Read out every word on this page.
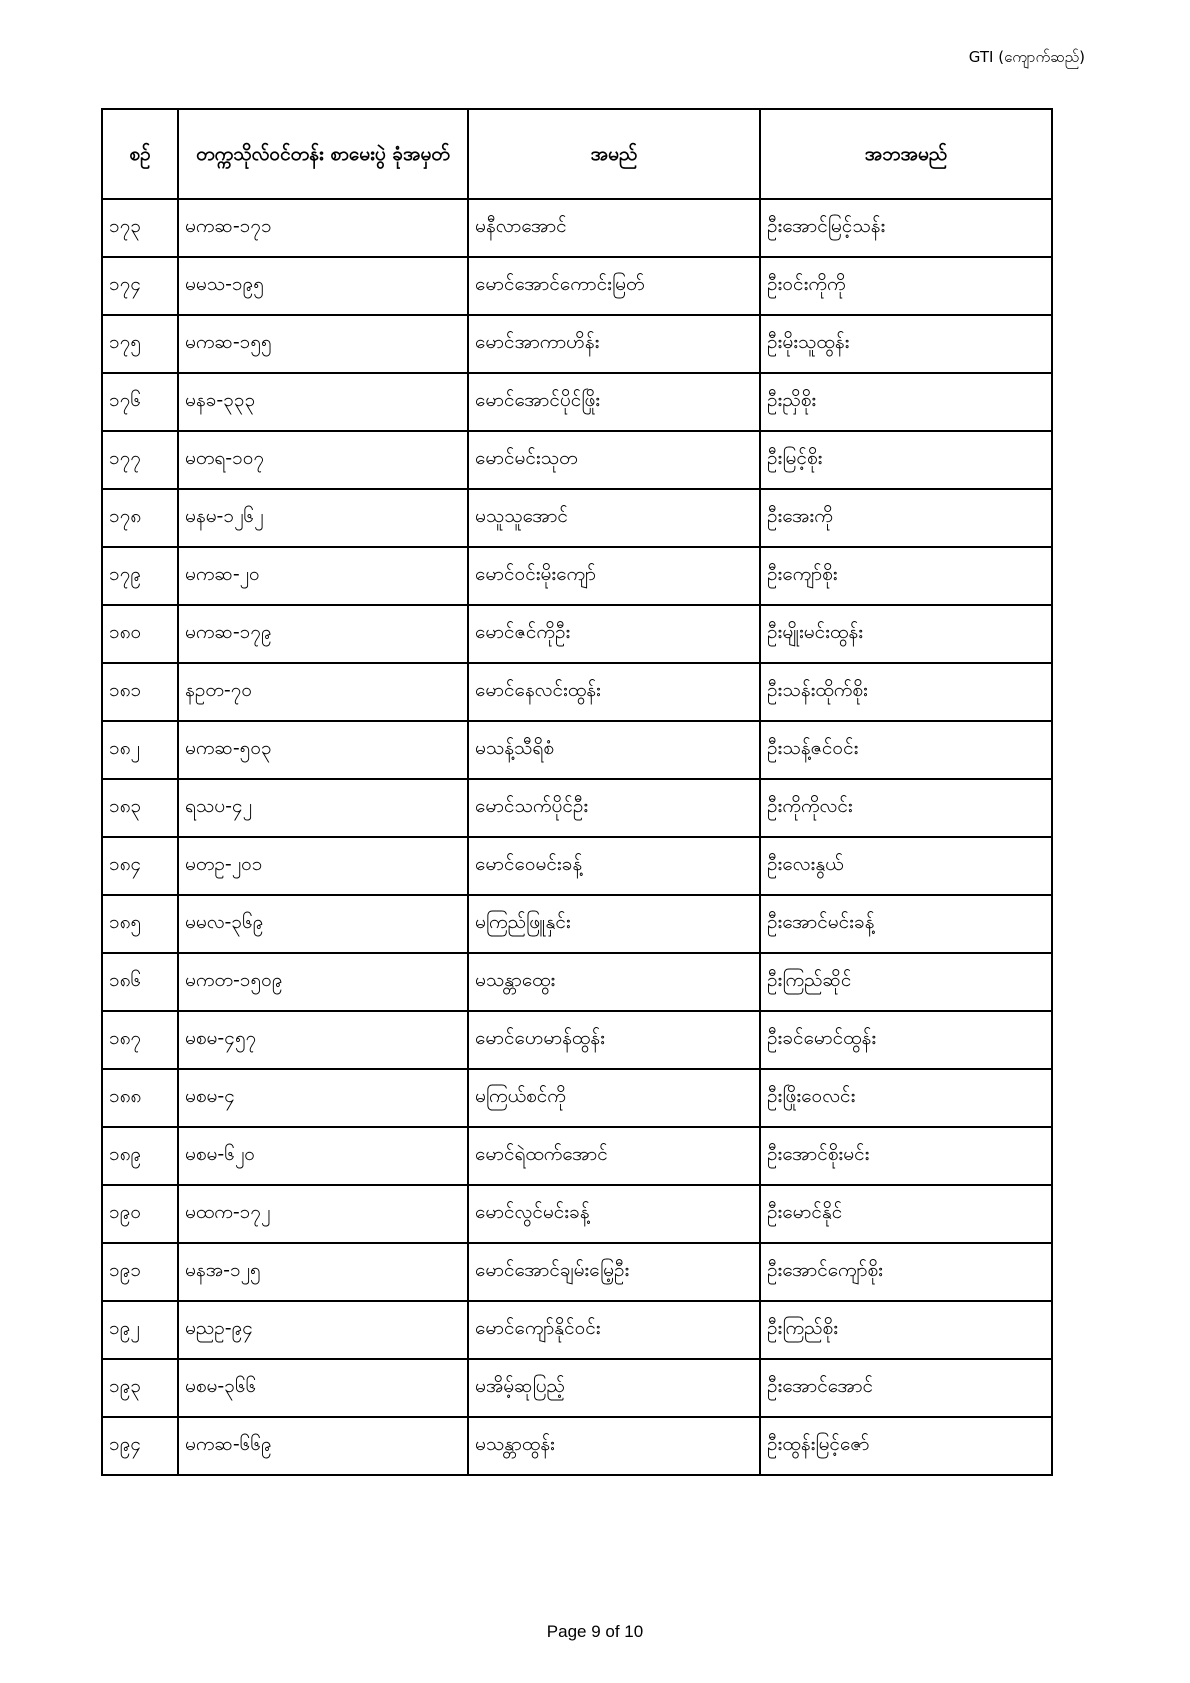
GTI (ကျောက်ဆည်)
စဉ်	တက္ကသိုလ်ဝင်တန်း စာမေးပွဲ ခုံအမှတ်	အမည်	အဘအမည်
၁၇၃	မကဆ-၁၇၁	မနီလာအောင်	ဦးအောင်မြင့်သန်း
၁၇၄	မမသ-၁၉၅	မောင်အောင်ကောင်းမြတ်	ဦးဝင်းကိုကို
၁၇၅	မကဆ-၁၅၅	မောင်အာကာဟိန်း	ဦးမိုးသူထွန်း
၁၇၆	မနခ-၃၃၃	မောင်အောင်ပိုင်ဖြိုး	ဦးညှိစိုး
၁၇၇	မတရ-၁၀၇	မောင်မင်းသုတ	ဦးမြင့်စိုး
၁၇၈	မနမ-၁၂၆၂	မသူသူအောင်	ဦးအေးကို
၁၇၉	မကဆ-၂၀	မောင်ဝင်းမိုးကျော်	ဦးကျော်စိုး
၁၈၀	မကဆ-၁၇၉	မောင်ဇင်ကိုဦး	ဦးမျိုးမင်းထွန်း
၁၈၁	နဥတ-၇၀	မောင်နေလင်းထွန်း	ဦးသန်းထိုက်စိုး
၁၈၂	မကဆ-၅၀၃	မသန့်သီရိစံ	ဦးသန့်ဇင်ဝင်း
၁၈၃	ရသပ-၄၂	မောင်သက်ပိုင်ဦး	ဦးကိုကိုလင်း
၁၈၄	မတဥ-၂၀၁	မောင်ဝေမင်းခန့်	ဦးလေးနွယ်
၁၈၅	မမလ-၃၆၉	မကြည်ဖြူနှင်း	ဦးအောင်မင်းခန့်
၁၈၆	မကတ-၁၅၀၉	မသန္တာထွေး	ဦးကြည်ဆိုင်
၁၈၇	မစမ-၄၅၇	မောင်ဟေမာန်ထွန်း	ဦးခင်မောင်ထွန်း
၁၈၈	မစမ-၄	မကြယ်စင်ကို	ဦးဖြိုးဝေလင်း
၁၈၉	မစမ-၆၂၀	မောင်ရဲထက်အောင်	ဦးအောင်စိုးမင်း
၁၉၀	မထက-၁၇၂	မောင်လွင်မင်းခန့်	ဦးမောင်နိုင်
၁၉၁	မနအ-၁၂၅	မောင်အောင်ချမ်းမြေ့ဦး	ဦးအောင်ကျော်စိုး
၁၉၂	မညဥ-၉၄	မောင်ကျော်နိုင်ဝင်း	ဦးကြည်စိုး
၁၉၃	မစမ-၃၆၆	မအိမ့်ဆုပြည့်	ဦးအောင်အောင်
၁၉၄	မကဆ-၆၆၉	မသန္တာထွန်း	ဦးထွန်းမြင့်ဇော်
Page 9 of 10
